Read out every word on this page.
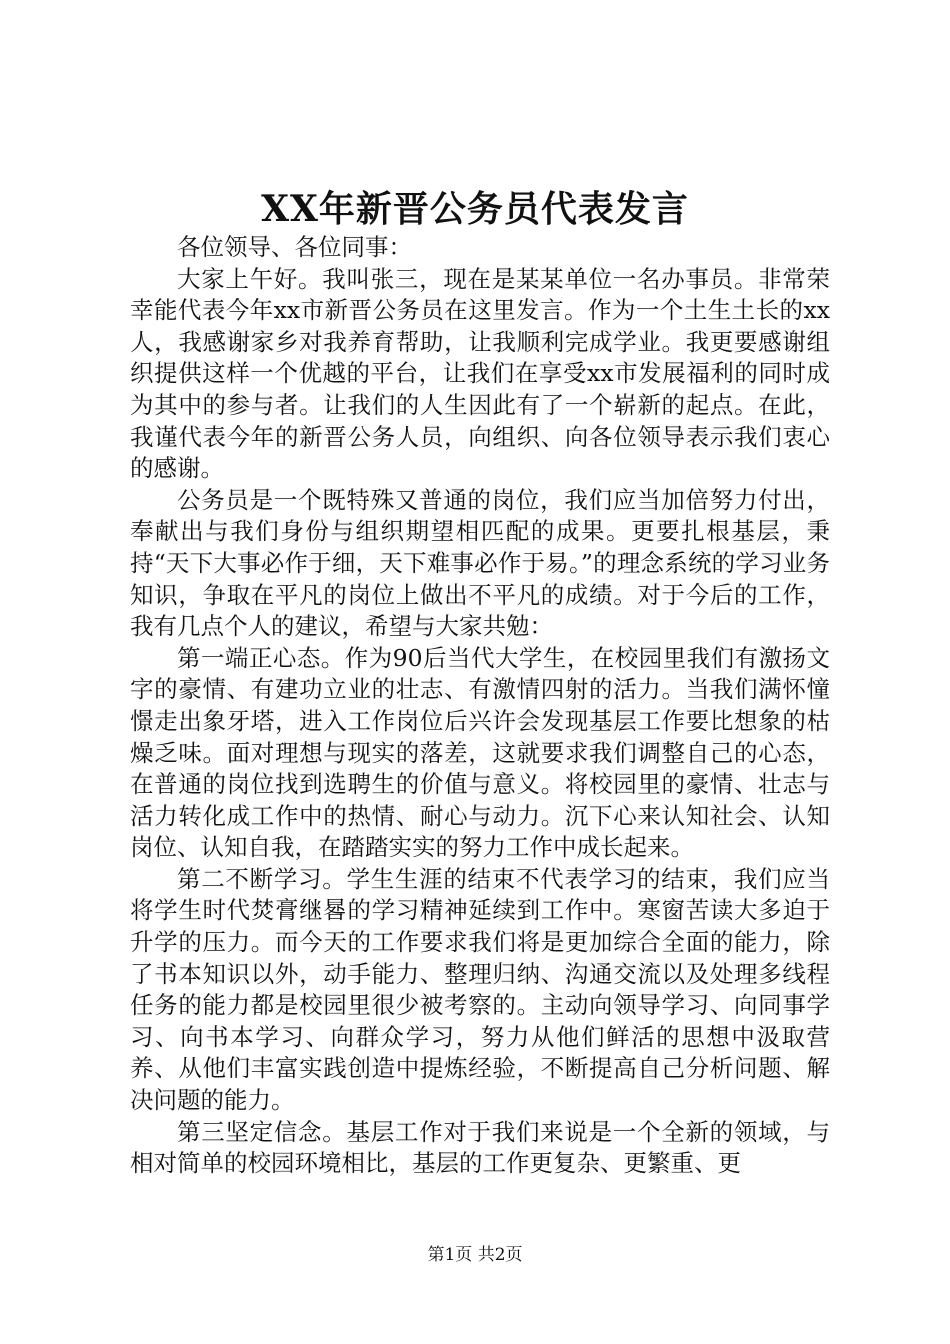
XX年新晋公务员代表发言

各位领导、各位同事：

大家上午好。我叫张三，现在是某某单位一名办事员。非常荣幸能代表今年xx市新晋公务员在这里发言。作为一个土生土长的xx人，我感谢家乡对我养育帮助，让我顺利完成学业。我更要感谢组织提供这样一个优越的平台，让我们在享受xx市发展福利的同时成为其中的参与者。让我们的人生因此有了一个崭新的起点。在此，我谨代表今年的新晋公务人员，向组织、向各位领导表示我们衷心的感谢。

公务员是一个既特殊又普通的岗位，我们应当加倍努力付出，奉献出与我们身份与组织期望相匹配的成果。更要扎根基层，秉持“天下大事必作于细，天下难事必作于易。”的理念系统的学习业务知识，争取在平凡的岗位上做出不平凡的成绩。对于今后的工作，我有几点个人的建议，希望与大家共勉：

第一端正心态。作为90后当代大学生，在校园里我们有激扬文字的豪情、有建功立业的壮志、有激情四射的活力。当我们满怀憧憬走出象牙塔，进入工作岗位后兴许会发现基层工作要比想象的枯燥乏味。面对理想与现实的落差，这就要求我们调整自己的心态，在普通的岗位找到选聘生的价值与意义。将校园里的豪情、壮志与活力转化成工作中的热情、耐心与动力。沉下心来认知社会、认知岗位、认知自我，在踏踏实实的努力工作中成长起来。

第二不断学习。学生生涯的结束不代表学习的结束，我们应当将学生时代焚膏继晷的学习精神延续到工作中。寒窗苦读大多迫于升学的压力。而今天的工作要求我们将是更加综合全面的能力，除了书本知识以外，动手能力、整理归纳、沟通交流以及处理多线程任务的能力都是校园里很少被考察的。主动向领导学习、向同事学习、向书本学习、向群众学习，努力从他们鲜活的思想中汲取营养、从他们丰富实践创造中提炼经验，不断提高自己分析问题、解决问题的能力。

第三坚定信念。基层工作对于我们来说是一个全新的领域，与相对简单的校园环境相比，基层的工作更复杂、更繁重、更

第1页 共2页
